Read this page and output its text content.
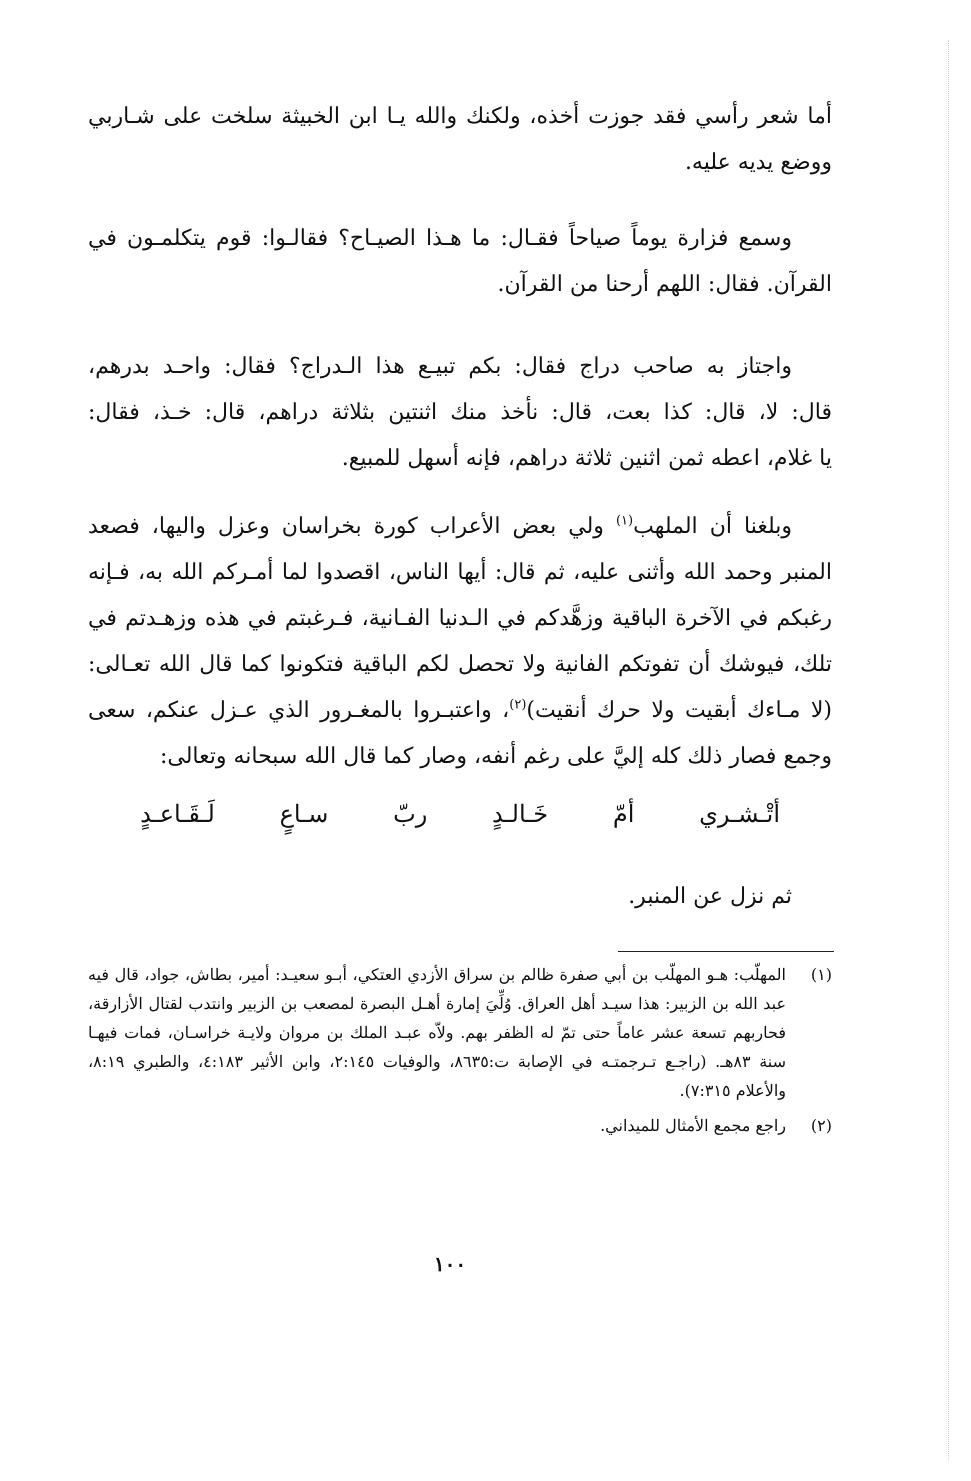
أما شعر رأسي فقد جوزت أخذه، ولكنك والله يـا ابن الخبيثة سلخت على شـاربي
ووضع يديه عليه.
وسمع فزارة يوماً صياحاً فقـال: ما هـذا الصيـاح؟ فقالـوا: قوم يتكلمـون في
القرآن. فقال: اللهم أرحنا من القرآن.
واجتاز به صاحب دراج فقال: بكم تبيـع هذا الـدراج؟ فقال: واحـد بدرهم،
قال: لا، قال: كذا بعت، قال: نأخذ منك اثنتين بثلاثة دراهم، قال: خـذ، فقال:
يا غلام، اعطه ثمن اثنين ثلاثة دراهم، فإنه أسهل للمبيع.
وبلغنا أن الملهب$^{(١)}$ ولي بعض الأعراب كورة بخراسان وعزل واليها، فصعد
المنبر وحمد الله وأثنى عليه، ثم قال: أيها الناس، اقصدوا لما أمـركم الله به، فـإنه
رغبكم في الآخرة الباقية وزهَّدكم في الـدنيا الفـانية، فـرغبتم في هذه وزهـدتم في
تلك، فيوشك أن تفوتكم الفانية ولا تحصل لكم الباقية فتكونوا كما قال الله تعـالى:
(لا مـاءك أبقيت ولا حرك أنقيت)$^{(٢)}$، واعتبـروا بالمغـرور الذي عـزل عنكم، سعى
وجمع فصار ذلك كله إليَّ على رغم أنفه، وصار كما قال الله سبحانه وتعالى:
أتْـشـري
أمّ
خَـالـدٍ
ربّ
سـاعٍ
لَـقَـاعـدٍ
ثم نزل عن المنبر.
(١)
المهلّب: هـو المهلّب بن أبي صفرة ظالم بن سراق الأزدي العتكي، أبـو سعيـد: أمير، بطاش، جواد، قال فيه عبد الله بن الزبير: هذا سيـد أهل العراق. وُلِّيَ إمارة أهـل البصرة لمصعب بن الزبير وانتدب لقتال الأزارقة، فحاربهم تسعة عشر عاماً حتى تمّ له الظفر بهم. ولاّه عبـد الملك بن مروان ولايـة خراسـان، فمات فيهـا سنة ٨٣هـ. (راجـع تـرجمتـه في الإصابة ت:٨٦٣٥، والوفيات ٢:١٤٥، وابن الأثير ٤:١٨٣، والطبري ٨:١٩، والأعلام ٧:٣١٥).
(٢)
راجع مجمع الأمثال للميداني.
١٠٠
